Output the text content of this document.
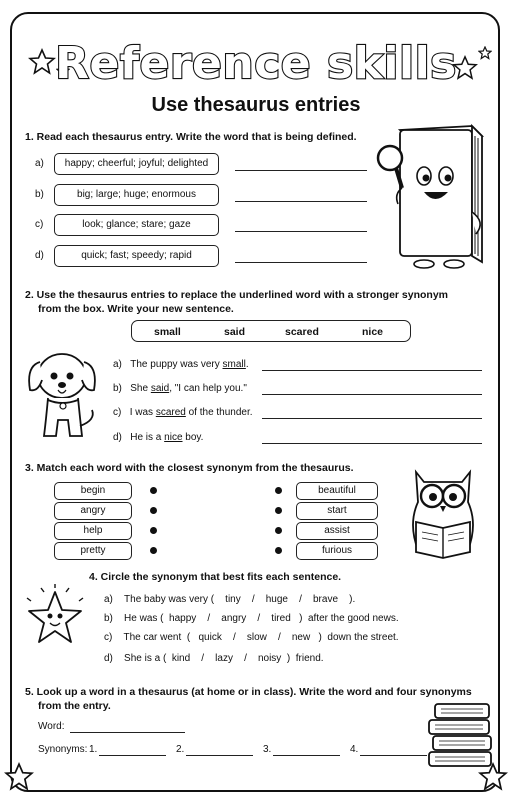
Reference skills
Use thesaurus entries
1. Read each thesaurus entry. Write the word that is being defined.
a)	happy; cheerful; joyful; delighted
b)	big; large; huge; enormous
c)	look; glance; stare; gaze
d)	quick; fast; speedy; rapid
2. Use the thesaurus entries to replace the underlined word with a stronger synonym
from the box. Write your new sentence.
small	said	scared	nice
a) The puppy was very small.
b) She said, "I can help you."
c) I was scared of the thunder.
d) He is a nice boy.
3. Match each word with the closest synonym from the thesaurus.
begin
angry
help
pretty
beautiful
start
assist
furious
4. Circle the synonym that best fits each sentence.
a) The baby was very (    tiny    /    huge    /    brave    ).
b) He was (  happy    /    angry    /    tired   )  after the good news.
c) The car went  (   quick    /    slow    /    new   )  down the street.
d) She is a (  kind    /    lazy    /    noisy  )  friend.
5. Look up a word in a thesaurus (at home or in class). Write the word and four synonyms
from the entry.
Word:
Synonyms: 1.	2.	3.	4.
